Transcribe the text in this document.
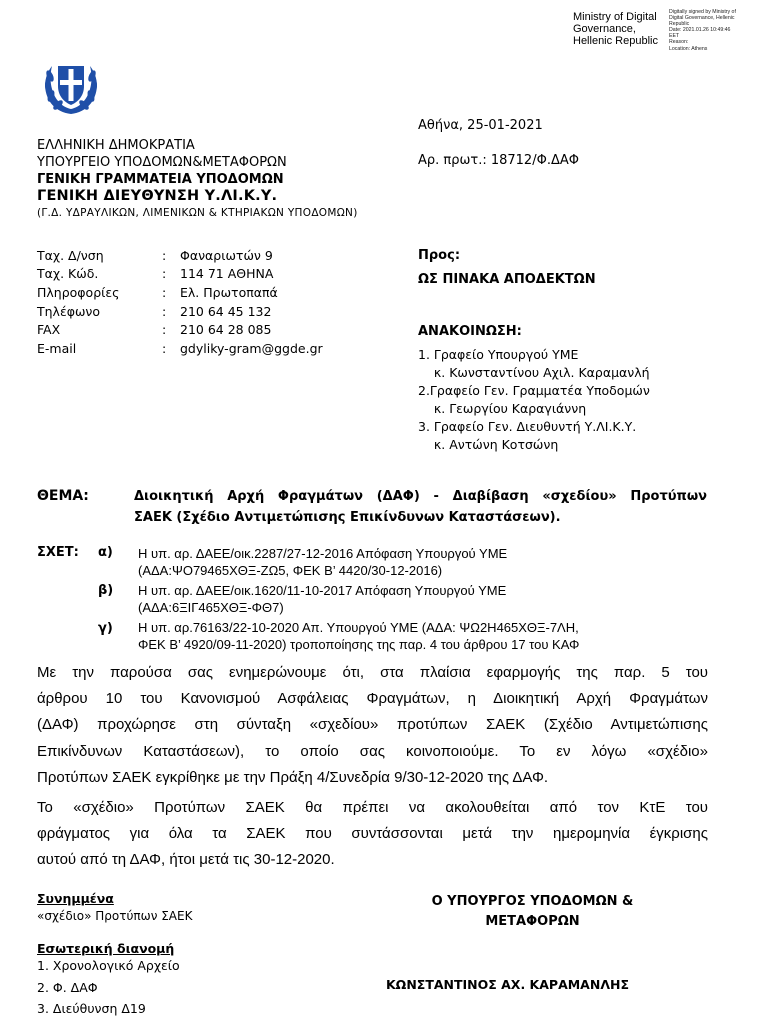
Ministry of Digital
Governance,
Hellenic Republic
Digitally signed by Ministry of
Digital Governance, Hellenic
Republic
Date: 2021.01.26 10:49:46
EET
Reason:
Location: Athens
ΕΛΛΗΝΙΚΗ ΔΗΜΟΚΡΑΤΙΑ
ΥΠΟΥΡΓΕΙΟ ΥΠΟΔΟΜΩΝ&ΜΕΤΑΦΟΡΩΝ
ΓΕΝΙΚΗ ΓΡΑΜΜΑΤΕΙΑ ΥΠΟΔΟΜΩΝ
ΓΕΝΙΚΗ ΔΙΕΥΘΥΝΣΗ Υ.ΛΙ.Κ.Υ.
(Γ.Δ. ΥΔΡΑΥΛΙΚΩΝ, ΛΙΜΕΝΙΚΩΝ & ΚΤΗΡΙΑΚΩΝ ΥΠΟΔΟΜΩΝ)
Αθήνα, 25-01-2021
Αρ. πρωτ.: 18712/Φ.ΔΑΦ
Ταχ. Δ/νση	: Φαναριωτών 9
Ταχ. Κώδ.	: 114 71 ΑΘΗΝΑ
Πληροφορίες	: Ελ. Πρωτοπαπά
Τηλέφωνο	: 210 64 45 132
FAX	: 210 64 28 085
E-mail	: gdyliky-gram@ggde.gr
Προς:
ΩΣ ΠΙΝΑΚΑ ΑΠΟΔΕΚΤΩΝ
ΑΝΑΚΟΙΝΩΣΗ:
1. Γραφείο Υπουργού ΥΜΕ
κ. Κωνσταντίνου Αχιλ. Καραμανλή
2.Γραφείο Γεν. Γραμματέα Υποδομών
κ. Γεωργίου Καραγιάννη
3. Γραφείο Γεν. Διευθυντή Υ.ΛΙ.Κ.Υ.
κ. Αντώνη Κοτσώνη
ΘΕΜΑ:	Διοικητική Αρχή Φραγμάτων (ΔΑΦ) - Διαβίβαση «σχεδίου» Προτύπων
ΣΑΕΚ (Σχέδιο Αντιμετώπισης Επικίνδυνων Καταστάσεων).
ΣΧΕΤ: α) Η υπ. αρ. ΔΑΕΕ/οικ.2287/27-12-2016 Απόφαση Υπουργού ΥΜΕ
(ΑΔΑ:ΨΟ79465ΧΘΞ-ΖΩ5, ΦΕΚ Β’ 4420/30-12-2016)
β) Η υπ. αρ. ΔΑΕΕ/οικ.1620/11-10-2017 Απόφαση Υπουργού ΥΜΕ
(ΑΔΑ:6ΞΙΓ465ΧΘΞ-ΦΘ7)
γ) Η υπ. αρ.76163/22-10-2020 Απ. Υπουργού ΥΜΕ (ΑΔΑ: ΨΩ2Η465ΧΘΞ-7ΛΗ,
ΦΕΚ Β’ 4920/09-11-2020) τροποποίησης της παρ. 4 του άρθρου 17 του ΚΑΦ
Με την παρούσα σας ενημερώνουμε ότι, στα πλαίσια εφαρμογής της παρ. 5 του
άρθρου 10 του Κανονισμού Ασφάλειας Φραγμάτων, η Διοικητική Αρχή Φραγμάτων
(ΔΑΦ) προχώρησε στη σύνταξη «σχεδίου» προτύπων ΣΑΕΚ (Σχέδιο Αντιμετώπισης
Επικίνδυνων Καταστάσεων), το οποίο σας κοινοποιούμε. Το εν λόγω «σχέδιο»
Προτύπων ΣΑΕΚ εγκρίθηκε με την Πράξη 4/Συνεδρία 9/30-12-2020 της ΔΑΦ.
Το «σχέδιο» Προτύπων ΣΑΕΚ θα πρέπει να ακολουθείται από τον ΚτΕ του
φράγματος για όλα τα ΣΑΕΚ που συντάσσονται μετά την ημερομηνία έγκρισης
αυτού από τη ΔΑΦ, ήτοι μετά τις 30-12-2020.
Συνημμένα
«σχέδιο» Προτύπων ΣΑΕΚ
Εσωτερική διανομή
1. Χρονολογικό Αρχείο
2. Φ. ΔΑΦ
3. Διεύθυνση Δ19
Ο ΥΠΟΥΡΓΟΣ ΥΠΟΔΟΜΩΝ & ΜΕΤΑΦΟΡΩΝ
ΚΩΝΣΤΑΝΤΙΝΟΣ ΑΧ. ΚΑΡΑΜΑΝΛΗΣ
